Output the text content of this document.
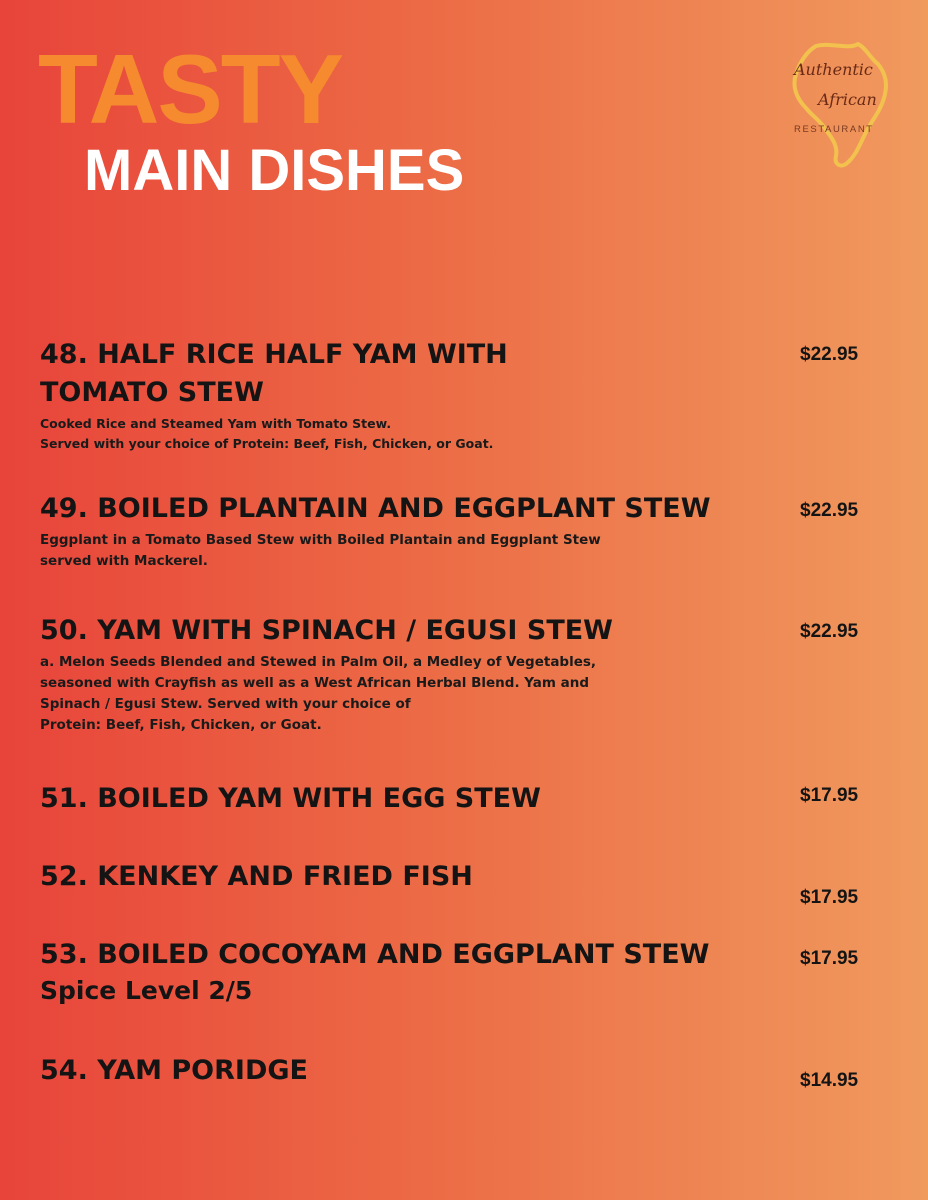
TASTY
MAIN DISHES
Authentic
African
RESTAURANT
48. HALF RICE HALF YAM WITH TOMATO STEW
Cooked Rice and Steamed Yam with Tomato Stew.
Served with your choice of Protein: Beef, Fish, Chicken, or Goat.
$22.95
49. BOILED PLANTAIN AND EGGPLANT STEW
Eggplant in a Tomato Based Stew with Boiled Plantain and Eggplant Stew
served with Mackerel.
$22.95
50. YAM WITH SPINACH / EGUSI STEW
a. Melon Seeds Blended and Stewed in Palm Oil, a Medley of Vegetables,
seasoned with Crayfish as well as a West African Herbal Blend. Yam and
Spinach / Egusi Stew. Served with your choice of
Protein: Beef, Fish, Chicken, or Goat.
$22.95
51. BOILED YAM WITH EGG STEW	$17.95
52. KENKEY AND FRIED FISH
$17.95
53. BOILED COCOYAM AND EGGPLANT STEW
Spice Level 2/5
$17.95
54. YAM PORIDGE	$14.95
